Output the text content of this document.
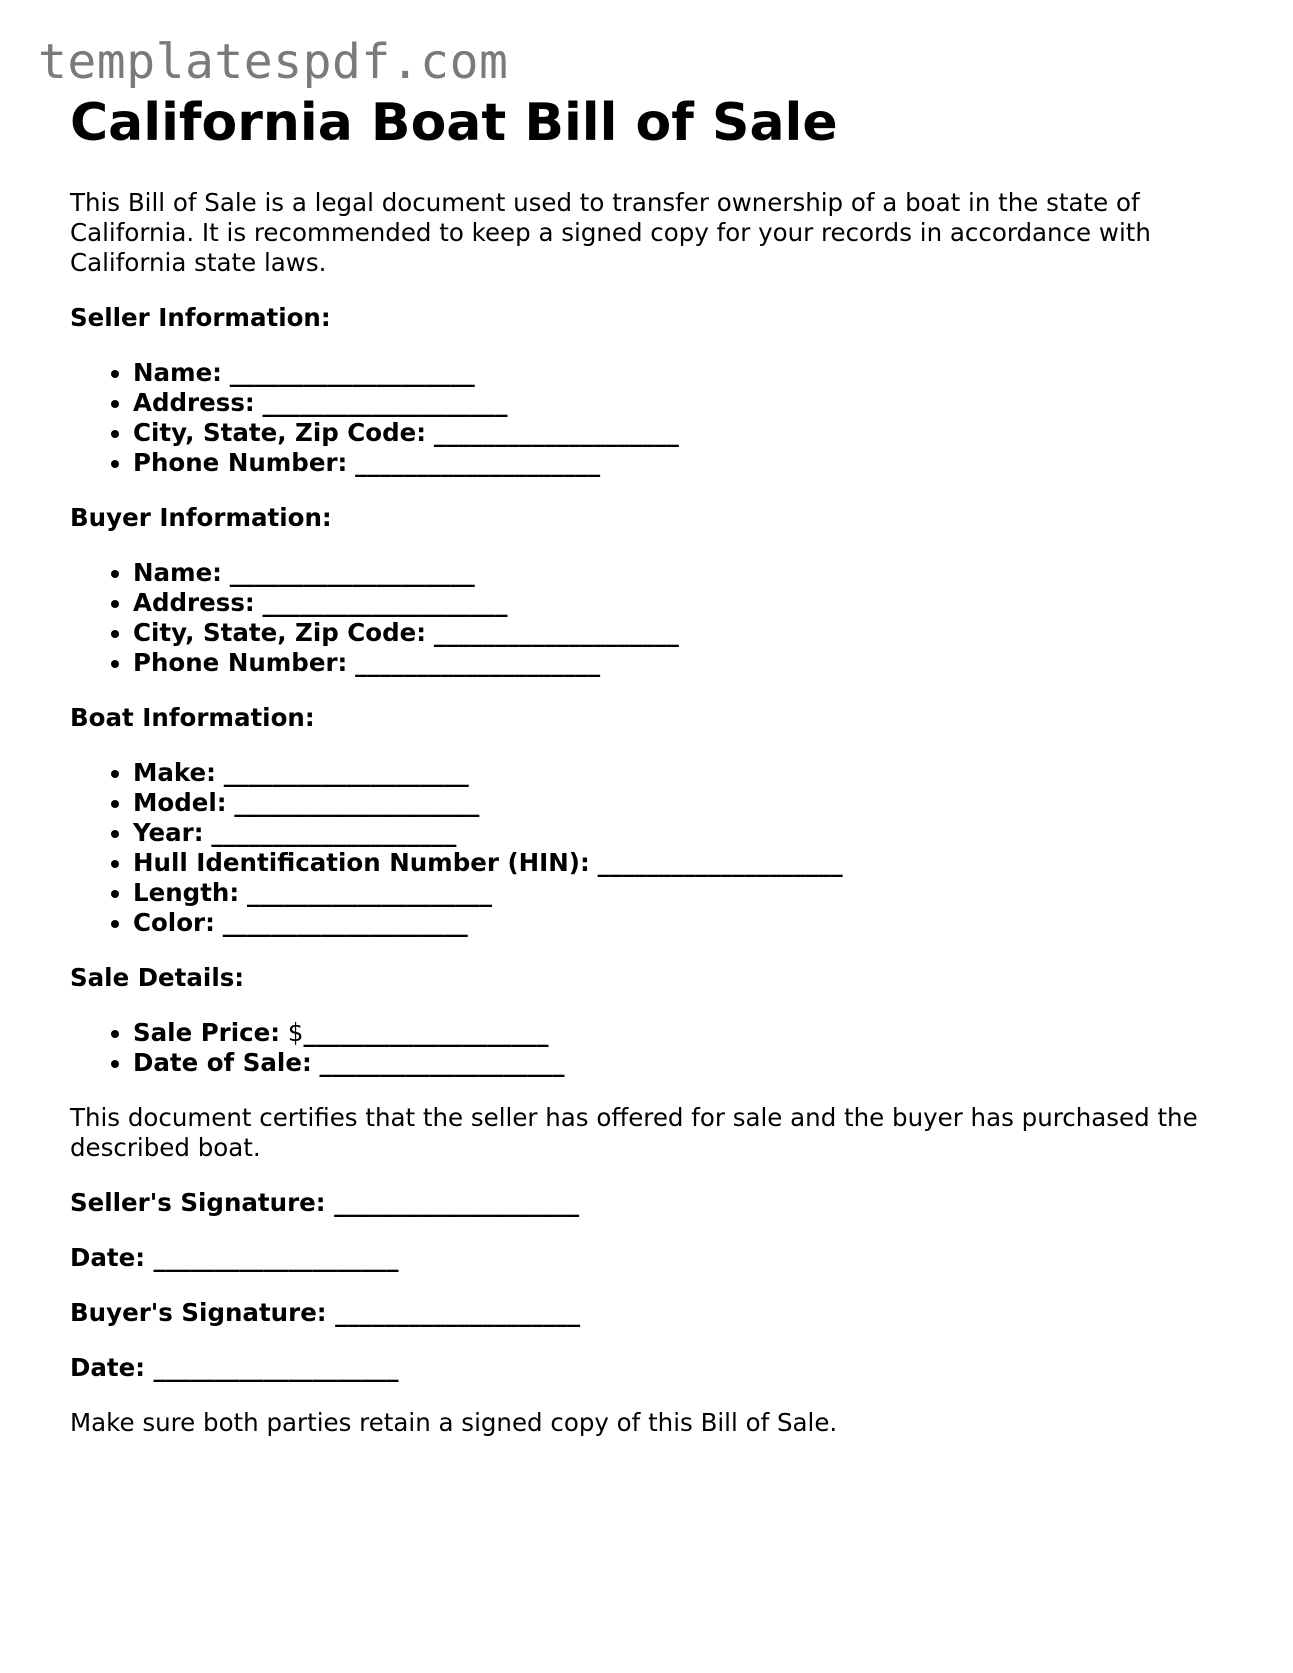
templatespdf.com
California Boat Bill of Sale

This Bill of Sale is a legal document used to transfer ownership of a boat in the state of California. It is recommended to keep a signed copy for your records in accordance with California state laws.

Seller Information:

• Name: ____________________
• Address: ____________________
• City, State, Zip Code: ____________________
• Phone Number: ____________________

Buyer Information:

• Name: ____________________
• Address: ____________________
• City, State, Zip Code: ____________________
• Phone Number: ____________________

Boat Information:

• Make: ____________________
• Model: ____________________
• Year: ____________________
• Hull Identification Number (HIN): ____________________
• Length: ____________________
• Color: ____________________

Sale Details:

• Sale Price: $____________________
• Date of Sale: ____________________

This document certifies that the seller has offered for sale and the buyer has purchased the described boat.

Seller's Signature: ____________________

Date: ____________________

Buyer's Signature: ____________________

Date: ____________________

Make sure both parties retain a signed copy of this Bill of Sale.
